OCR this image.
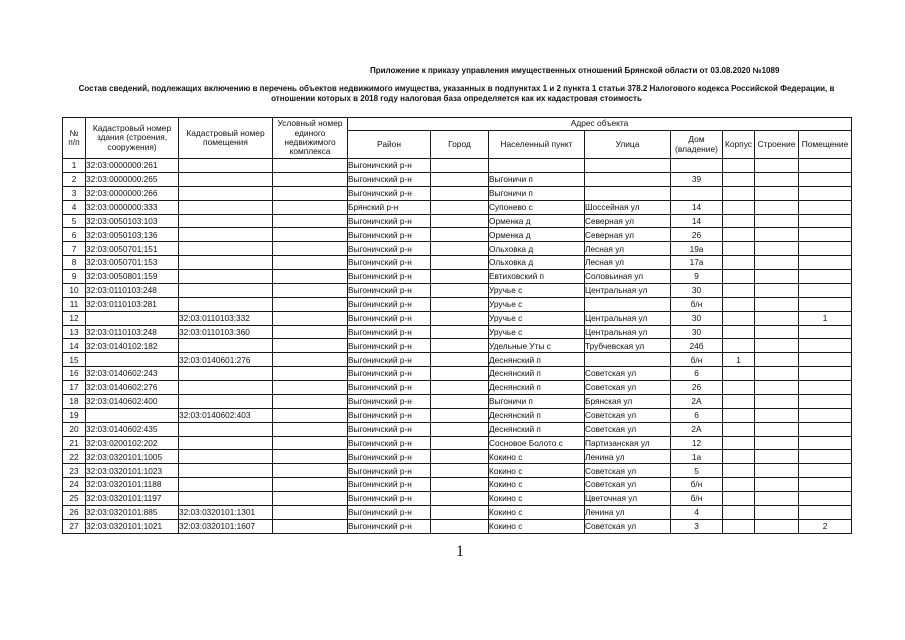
Приложение к приказу управления имущественных отношений Брянской области от 03.08.2020 №1089
Состав сведений, подлежащих включению в перечень объектов недвижимого имущества, указанных в подпунктах 1 и 2 пункта 1 статьи 378.2 Налогового кодекса Российской Федерации, в
отношении которых в 2018 году налоговая база определяется как их кадастровая стоимость
№
п/п	Кадастровый номер
здания (строения,
сооружения)	Кадастровый номер
помещения	Условный номер
единого
недвижимого
комплекса	Адрес объекта							
				Район	Город	Населенный пункт	Улица	Дом
(владение)	Корпус	Строение	Помещение
1	32:03:0000000:261			Выгоничский р-н							
2	32:03:0000000:265			Выгоничский р-н		Выгоничи п		39			
3	32:03:0000000:266			Выгоничский р-н		Выгоничи п					
4	32:03:0000000:333			Брянский р-н		Супонево с	Шоссейная ул	14			
5	32:03:0050103:103			Выгоничский р-н		Орменка д	Северная ул	14			
6	32:03:0050103:136			Выгоничский р-н		Орменка д	Северная ул	26			
7	32:03:0050701:151			Выгоничский р-н		Ольховка д	Лесная ул	19а			
8	32:03:0050701:153			Выгоничский р-н		Ольховка д	Лесная ул	17а			
9	32:03:0050801:159			Выгоничский р-н		Евтиховский п	Соловьиная ул	9			
10	32:03:0110103:248			Выгоничский р-н		Уручье с	Центральная ул	30			
11	32:03:0110103:281			Выгоничский р-н		Уручье с		б/н			
12		32:03:0110103:332		Выгоничский р-н		Уручье с	Центральная ул	30			1
13	32:03:0110103:248	32:03:0110103:360		Выгоничский р-н		Уручье с	Центральная ул	30			
14	32:03:0140102:182			Выгоничский р-н		Удельные Уты с	Трубчевская ул	24б			
15		32:03:0140601:276		Выгоничский р-н		Деснянский п		б/н	1		
16	32:03:0140602:243			Выгоничский р-н		Деснянский п	Советская ул	6			
17	32:03:0140602:276			Выгоничский р-н		Деснянский п	Советская ул	26			
18	32:03:0140602:400			Выгоничский р-н		Выгоничи п	Брянская ул	2А			
19		32:03:0140602:403		Выгоничский р-н		Деснянский п	Советская ул	6			
20	32:03:0140602:435			Выгоничский р-н		Деснянский п	Советская ул	2А			
21	32:03:0200102:202			Выгоничский р-н		Сосновое Болото с	Партизанская ул	12			
22	32:03:0320101:1005			Выгоничский р-н		Кокино с	Ленина ул	1а			
23	32:03:0320101:1023			Выгоничский р-н		Кокино с	Советская ул	5			
24	32:03:0320101:1188			Выгоничский р-н		Кокино с	Советская ул	б/н			
25	32:03:0320101:1197			Выгоничский р-н		Кокино с	Цветочная ул	б/н			
26	32:03:0320101:885	32:03:0320101:1301		Выгоничский р-н		Кокино с	Ленина ул	4			
27	32:03:0320101:1021	32:03:0320101:1607		Выгоничский р-н		Кокино с	Советская ул	3			2
1
